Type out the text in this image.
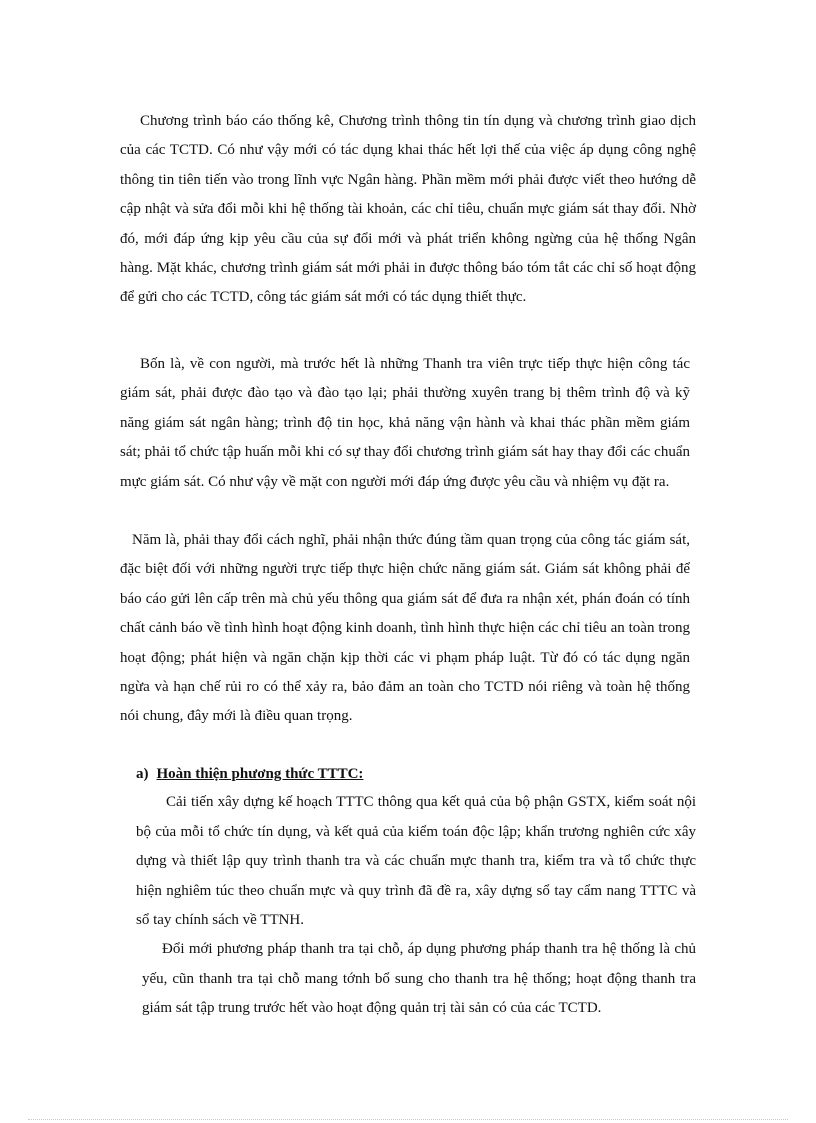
Chương trình báo cáo thống kê, Chương trình thông tin tín dụng và chương trình giao dịch của các TCTD. Có như vậy mới có tác dụng khai thác hết lợi thế của việc áp dụng công nghệ thông tin tiên tiến vào trong lĩnh vực Ngân hàng. Phần mềm mới phải được viết theo hướng dễ cập nhật và sửa đổi mỗi khi hệ thống tài khoản, các chỉ tiêu, chuẩn mực giám sát thay đổi. Nhờ đó, mới đáp ứng kịp yêu cầu của sự đổi mới và phát triển không ngừng của hệ thống Ngân hàng. Mặt khác, chương trình giám sát mới phải in được thông báo tóm tắt các chỉ số hoạt động để gửi cho các TCTD, công tác giám sát mới có tác dụng thiết thực.

Bốn là, về con người, mà trước hết là những Thanh tra viên trực tiếp thực hiện công tác giám sát, phải được đào tạo và đào tạo lại; phải thường xuyên trang bị thêm trình độ và kỹ năng giám sát ngân hàng; trình độ tin học, khả năng vận hành và khai thác phần mềm giám sát; phải tổ chức tập huấn mỗi khi có sự thay đổi chương trình giám sát hay thay đổi các chuẩn mực giám sát. Có như vậy về mặt con người mới đáp ứng được yêu cầu và nhiệm vụ đặt ra.

Năm là, phải thay đổi cách nghĩ, phải nhận thức đúng tầm quan trọng của công tác giám sát, đặc biệt đối với những người trực tiếp thực hiện chức năng giám sát. Giám sát không phải để báo cáo gửi lên cấp trên mà chủ yếu thông qua giám sát để đưa ra nhận xét, phán đoán có tính chất cảnh báo về tình hình hoạt động kinh doanh, tình hình thực hiện các chỉ tiêu an toàn trong hoạt động; phát hiện và ngăn chặn kịp thời các vi phạm pháp luật. Từ đó có tác dụng ngăn ngừa và hạn chế rủi ro có thể xảy ra, bảo đảm an toàn cho TCTD nói riêng và toàn hệ thống nói chung, đây mới là điều quan trọng.

a) Hoàn thiện phương thức TTTC:

Cải tiến xây dựng kế hoạch TTTC thông qua kết quả của bộ phận GSTX, kiểm soát nội bộ của mỗi tổ chức tín dụng, và kết quả của kiểm toán độc lập; khẩn trương nghiên cức xây dựng và thiết lập quy trình thanh tra và các chuẩn mực thanh tra, kiểm tra và tổ chức thực hiện nghiêm túc theo chuẩn mực và quy trình đã đề ra, xây dựng sổ tay cẩm nang TTTC và sổ tay chính sách về TTNH.

Đổi mới phương pháp thanh tra tại chỗ, áp dụng phương pháp thanh tra hệ thống là chủ yếu, cũn thanh tra tại chỗ mang tớnh bổ sung cho thanh tra hệ thống; hoạt động thanh tra giám sát tập trung trước hết vào hoạt động quản trị tài sản có của các TCTD.
